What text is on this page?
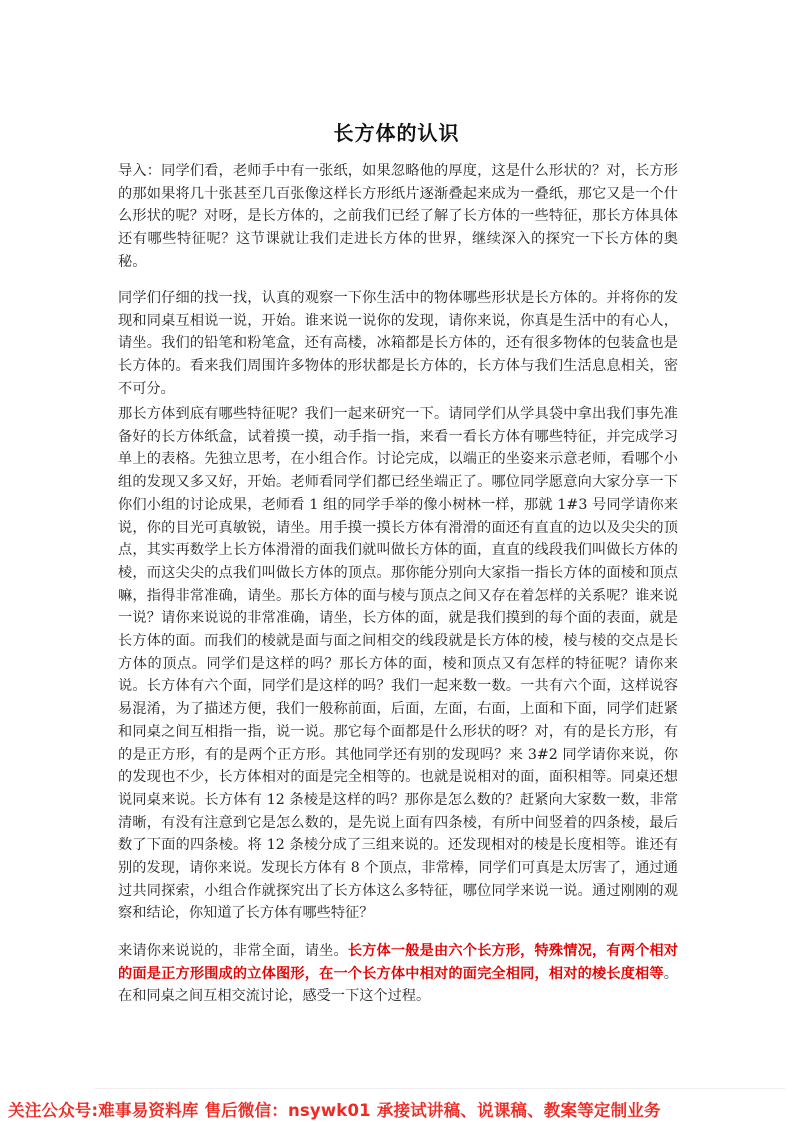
长方体的认识
导入：同学们看，老师手中有一张纸，如果忽略他的厚度，这是什么形状的？对，长方形的那如果将几十张甚至几百张像这样长方形纸片逐渐叠起来成为一叠纸，那它又是一个什么形状的呢？对呀，是长方体的，之前我们已经了解了长方体的一些特征，那长方体具体还有哪些特征呢？这节课就让我们走进长方体的世界，继续深入的探究一下长方体的奥秘。
同学们仔细的找一找，认真的观察一下你生活中的物体哪些形状是长方体的。并将你的发现和同桌互相说一说，开始。谁来说一说你的发现，请你来说，你真是生活中的有心人，请坐。我们的铅笔和粉笔盒，还有高楼，冰箱都是长方体的，还有很多物体的包装盒也是长方体的。看来我们周围许多物体的形状都是长方体的，长方体与我们生活息息相关，密不可分。
那长方体到底有哪些特征呢？我们一起来研究一下。请同学们从学具袋中拿出我们事先准备好的长方体纸盒，试着摸一摸，动手指一指，来看一看长方体有哪些特征，并完成学习单上的表格。先独立思考，在小组合作。讨论完成，以端正的坐姿来示意老师，看哪个小组的发现又多又好，开始。老师看同学们都已经坐端正了。哪位同学愿意向大家分享一下你们小组的讨论成果，老师看 1 组的同学手举的像小树林一样，那就 1#3 号同学请你来说，你的目光可真敏锐，请坐。用手摸一摸长方体有滑滑的面还有直直的边以及尖尖的顶点，其实再数学上长方体滑滑的面我们就叫做长方体的面，直直的线段我们叫做长方体的棱，而这尖尖的点我们叫做长方体的顶点。那你能分别向大家指一指长方体的面棱和顶点嘛，指得非常准确，请坐。那长方体的面与棱与顶点之间又存在着怎样的关系呢？谁来说一说？请你来说说的非常准确，请坐，长方体的面，就是我们摸到的每个面的表面，就是长方体的面。而我们的棱就是面与面之间相交的线段就是长方体的棱，棱与棱的交点是长方体的顶点。同学们是这样的吗？那长方体的面，棱和顶点又有怎样的特征呢？请你来说。长方体有六个面，同学们是这样的吗？我们一起来数一数。一共有六个面，这样说容易混淆，为了描述方便，我们一般称前面，后面，左面，右面，上面和下面，同学们赶紧和同桌之间互相指一指，说一说。那它每个面都是什么形状的呀？对，有的是长方形，有的是正方形，有的是两个正方形。其他同学还有别的发现吗？来 3#2 同学请你来说，你的发现也不少，长方体相对的面是完全相等的。也就是说相对的面，面积相等。同桌还想说同桌来说。长方体有 12 条棱是这样的吗？那你是怎么数的？赶紧向大家数一数，非常清晰，有没有注意到它是怎么数的，是先说上面有四条棱，有所中间竖着的四条棱，最后数了下面的四条棱。将 12 条棱分成了三组来说的。还发现相对的棱是长度相等。谁还有别的发现，请你来说。发现长方体有 8 个顶点，非常棒，同学们可真是太厉害了，通过通过共同探索，小组合作就探究出了长方体这么多特征，哪位同学来说一说。通过刚刚的观察和结论，你知道了长方体有哪些特征？
来请你来说说的，非常全面，请坐。长方体一般是由六个长方形，特殊情况，有两个相对的面是正方形围成的立体图形，在一个长方体中相对的面完全相同，相对的棱长度相等。在和同桌之间互相交流讨论，感受一下这个过程。
ↁ∕Ⅷ
关注公众号:难事易资料库 售后微信：nsywk01 承接试讲稿、说课稿、教案等定制业务
